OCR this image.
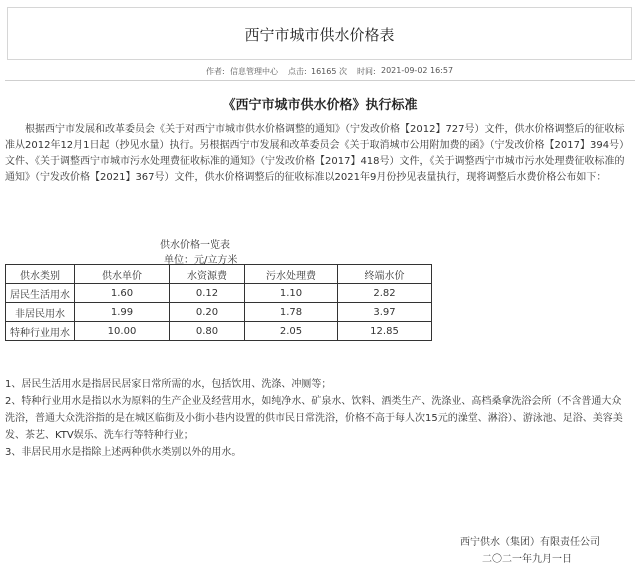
西宁市城市供水价格表
作者: 信息管理中心 点击: 16165 次 时间: 2021-09-02 16:57
《西宁市城市供水价格》执行标准

根据西宁市发展和改革委员会《关于对西宁市城市供水价格调整的通知》（宁发改价格【2012】727号）文件，供水价格调整后的征收标准从2012年12月1日起（抄见水量）执行。另根据西宁市发展和改革委员会《关于取消城市公用附加费的函》（宁发改价格【2017】394号）文件、《关于调整西宁市城市污水处理费征收标准的通知》（宁发改价格【2017】418号）文件，《关于调整西宁市城市污水处理费征收标准的通知》（宁发改价格【2021】367号）文件，供水价格调整后的征收标准以2021年9月份抄见表量执行，现将调整后水费价格公布如下：

供水价格一览表
单位：元/立方米
供水类别	供水单价	水资源费	污水处理费	终端水价
居民生活用水	1.60	0.12	1.10	2.82
非居民用水	1.99	0.20	1.78	3.97
特种行业用水	10.00	0.80	2.05	12.85

1、居民生活用水是指居民居家日常所需的水，包括饮用、洗涤、冲厕等；

2、特种行业用水是指以水为原料的生产企业及经营用水，如纯净水、矿泉水、饮料、酒类生产、洗涤业、高档桑拿洗浴会所（不含普通大众洗浴，普通大众洗浴指的是在城区临街及小街小巷内设置的供市民日常洗浴，价格不高于每人次15元的澡堂、淋浴）、游泳池、足浴、美容美发、茶艺、KTV娱乐、洗车行等特种行业；

3、非居民用水是指除上述两种供水类别以外的用水。

西宁供水（集团）有限责任公司
二〇二一年九月一日
